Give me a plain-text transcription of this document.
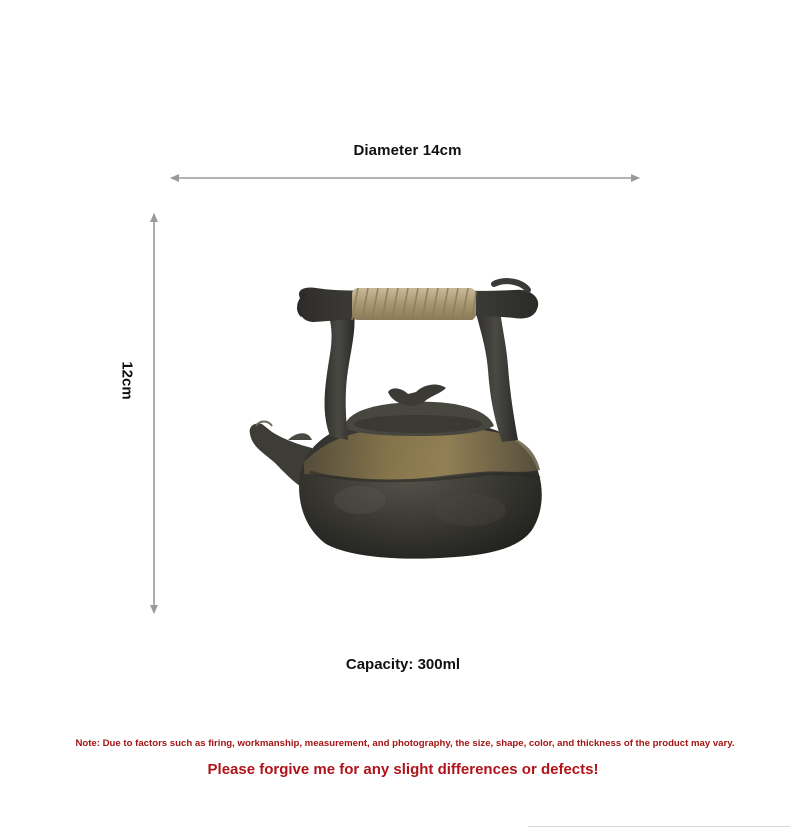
Diameter 14cm
12cm
Capacity: 300ml
Note: Due to factors such as firing, workmanship, measurement, and photography, the size, shape, color, and thickness of the product may vary.
Please forgive me for any slight differences or defects!
